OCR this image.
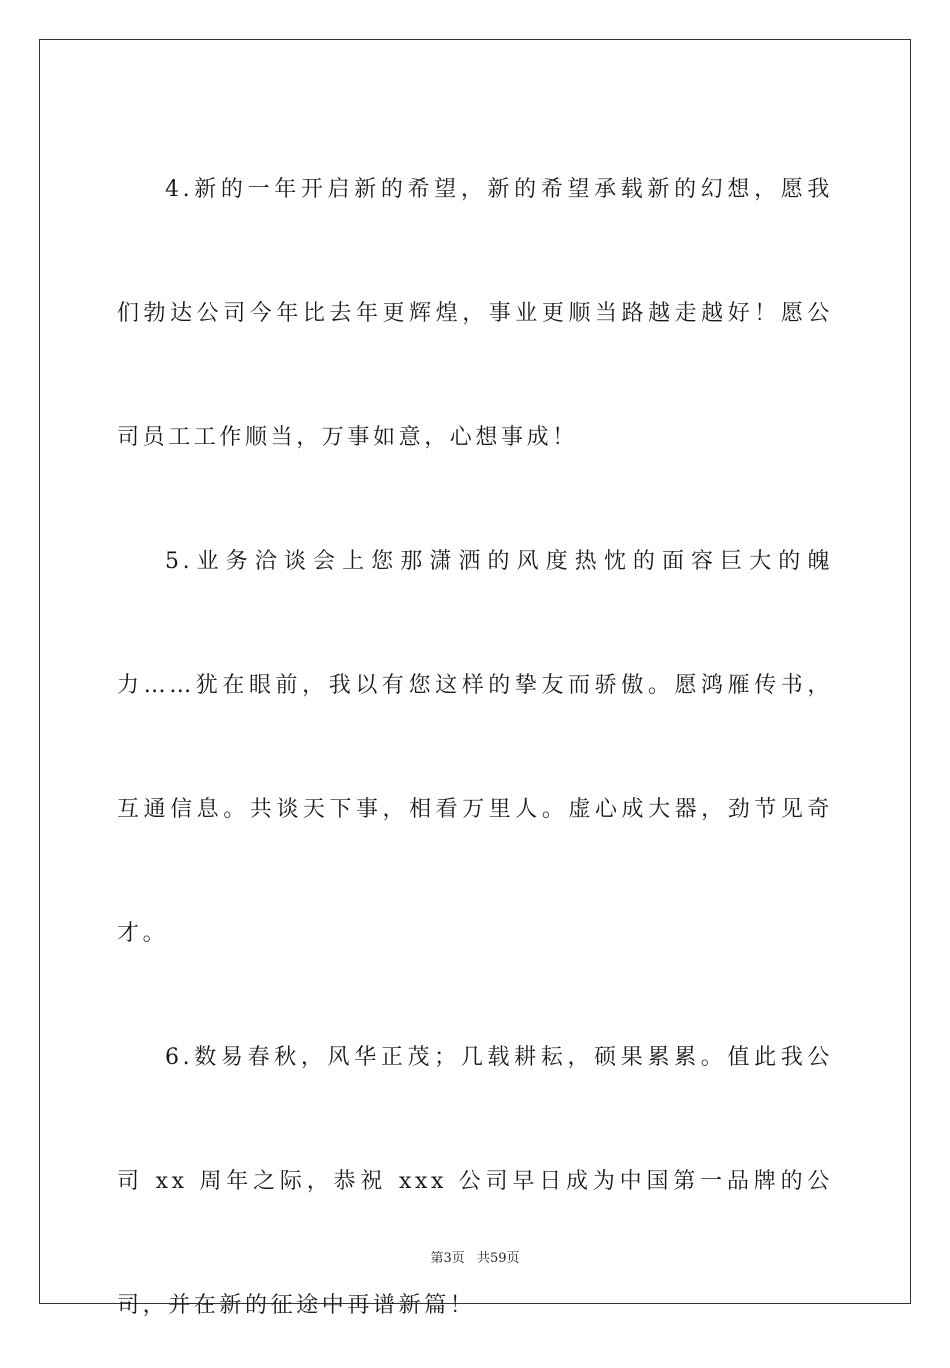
4.新的一年开启新的希望，新的希望承载新的幻想，愿我们勃达公司今年比去年更辉煌，事业更顺当路越走越好！愿公司员工工作顺当，万事如意，心想事成！

5.业务洽谈会上您那潇洒的风度热忱的面容巨大的魄力……犹在眼前，我以有您这样的挚友而骄傲。愿鸿雁传书，互通信息。共谈天下事，相看万里人。虚心成大器，劲节见奇才。

6.数易春秋，风华正茂；几载耕耘，硕果累累。值此我公司 xx 周年之际，恭祝 xxx 公司早日成为中国第一品牌的公司，并在新的征途中再谱新篇！

第3页 共59页
